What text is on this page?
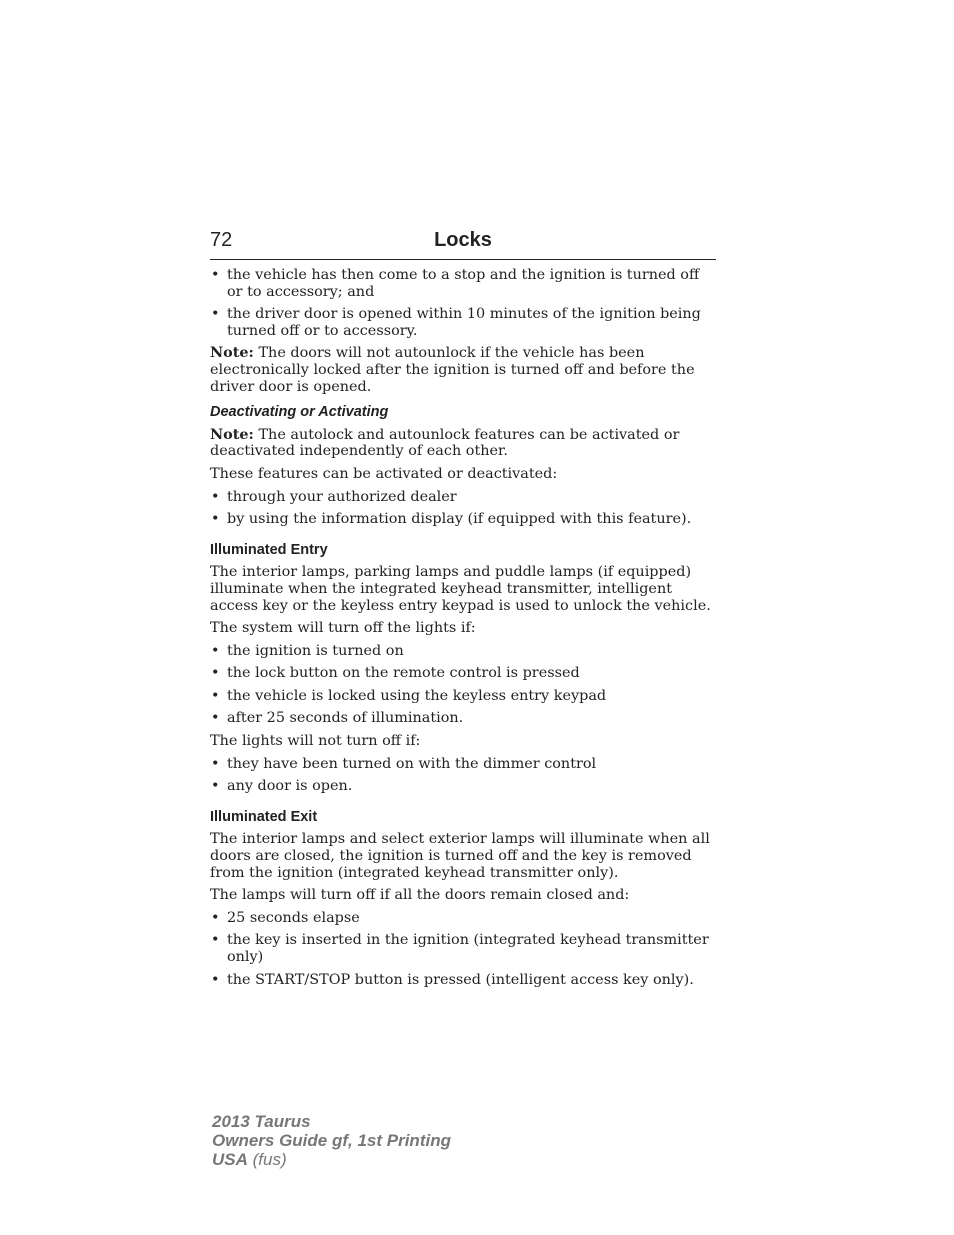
72	Locks
• the vehicle has then come to a stop and the ignition is turned off or to accessory; and
• the driver door is opened within 10 minutes of the ignition being turned off or to accessory.

Note: The doors will not autounlock if the vehicle has been electronically locked after the ignition is turned off and before the driver door is opened.

Deactivating or Activating

Note: The autolock and autounlock features can be activated or deactivated independently of each other.

These features can be activated or deactivated:

• through your authorized dealer
• by using the information display (if equipped with this feature).
Illuminated Entry

The interior lamps, parking lamps and puddle lamps (if equipped) illuminate when the integrated keyhead transmitter, intelligent access key or the keyless entry keypad is used to unlock the vehicle.

The system will turn off the lights if:

• the ignition is turned on
• the lock button on the remote control is pressed
• the vehicle is locked using the keyless entry keypad
• after 25 seconds of illumination.

The lights will not turn off if:

• they have been turned on with the dimmer control
• any door is open.
Illuminated Exit

The interior lamps and select exterior lamps will illuminate when all doors are closed, the ignition is turned off and the key is removed from the ignition (integrated keyhead transmitter only).

The lamps will turn off if all the doors remain closed and:

• 25 seconds elapse
• the key is inserted in the ignition (integrated keyhead transmitter only)
• the START/STOP button is pressed (intelligent access key only).
2013 Taurus
Owners Guide gf, 1st Printing
USA (fus)
